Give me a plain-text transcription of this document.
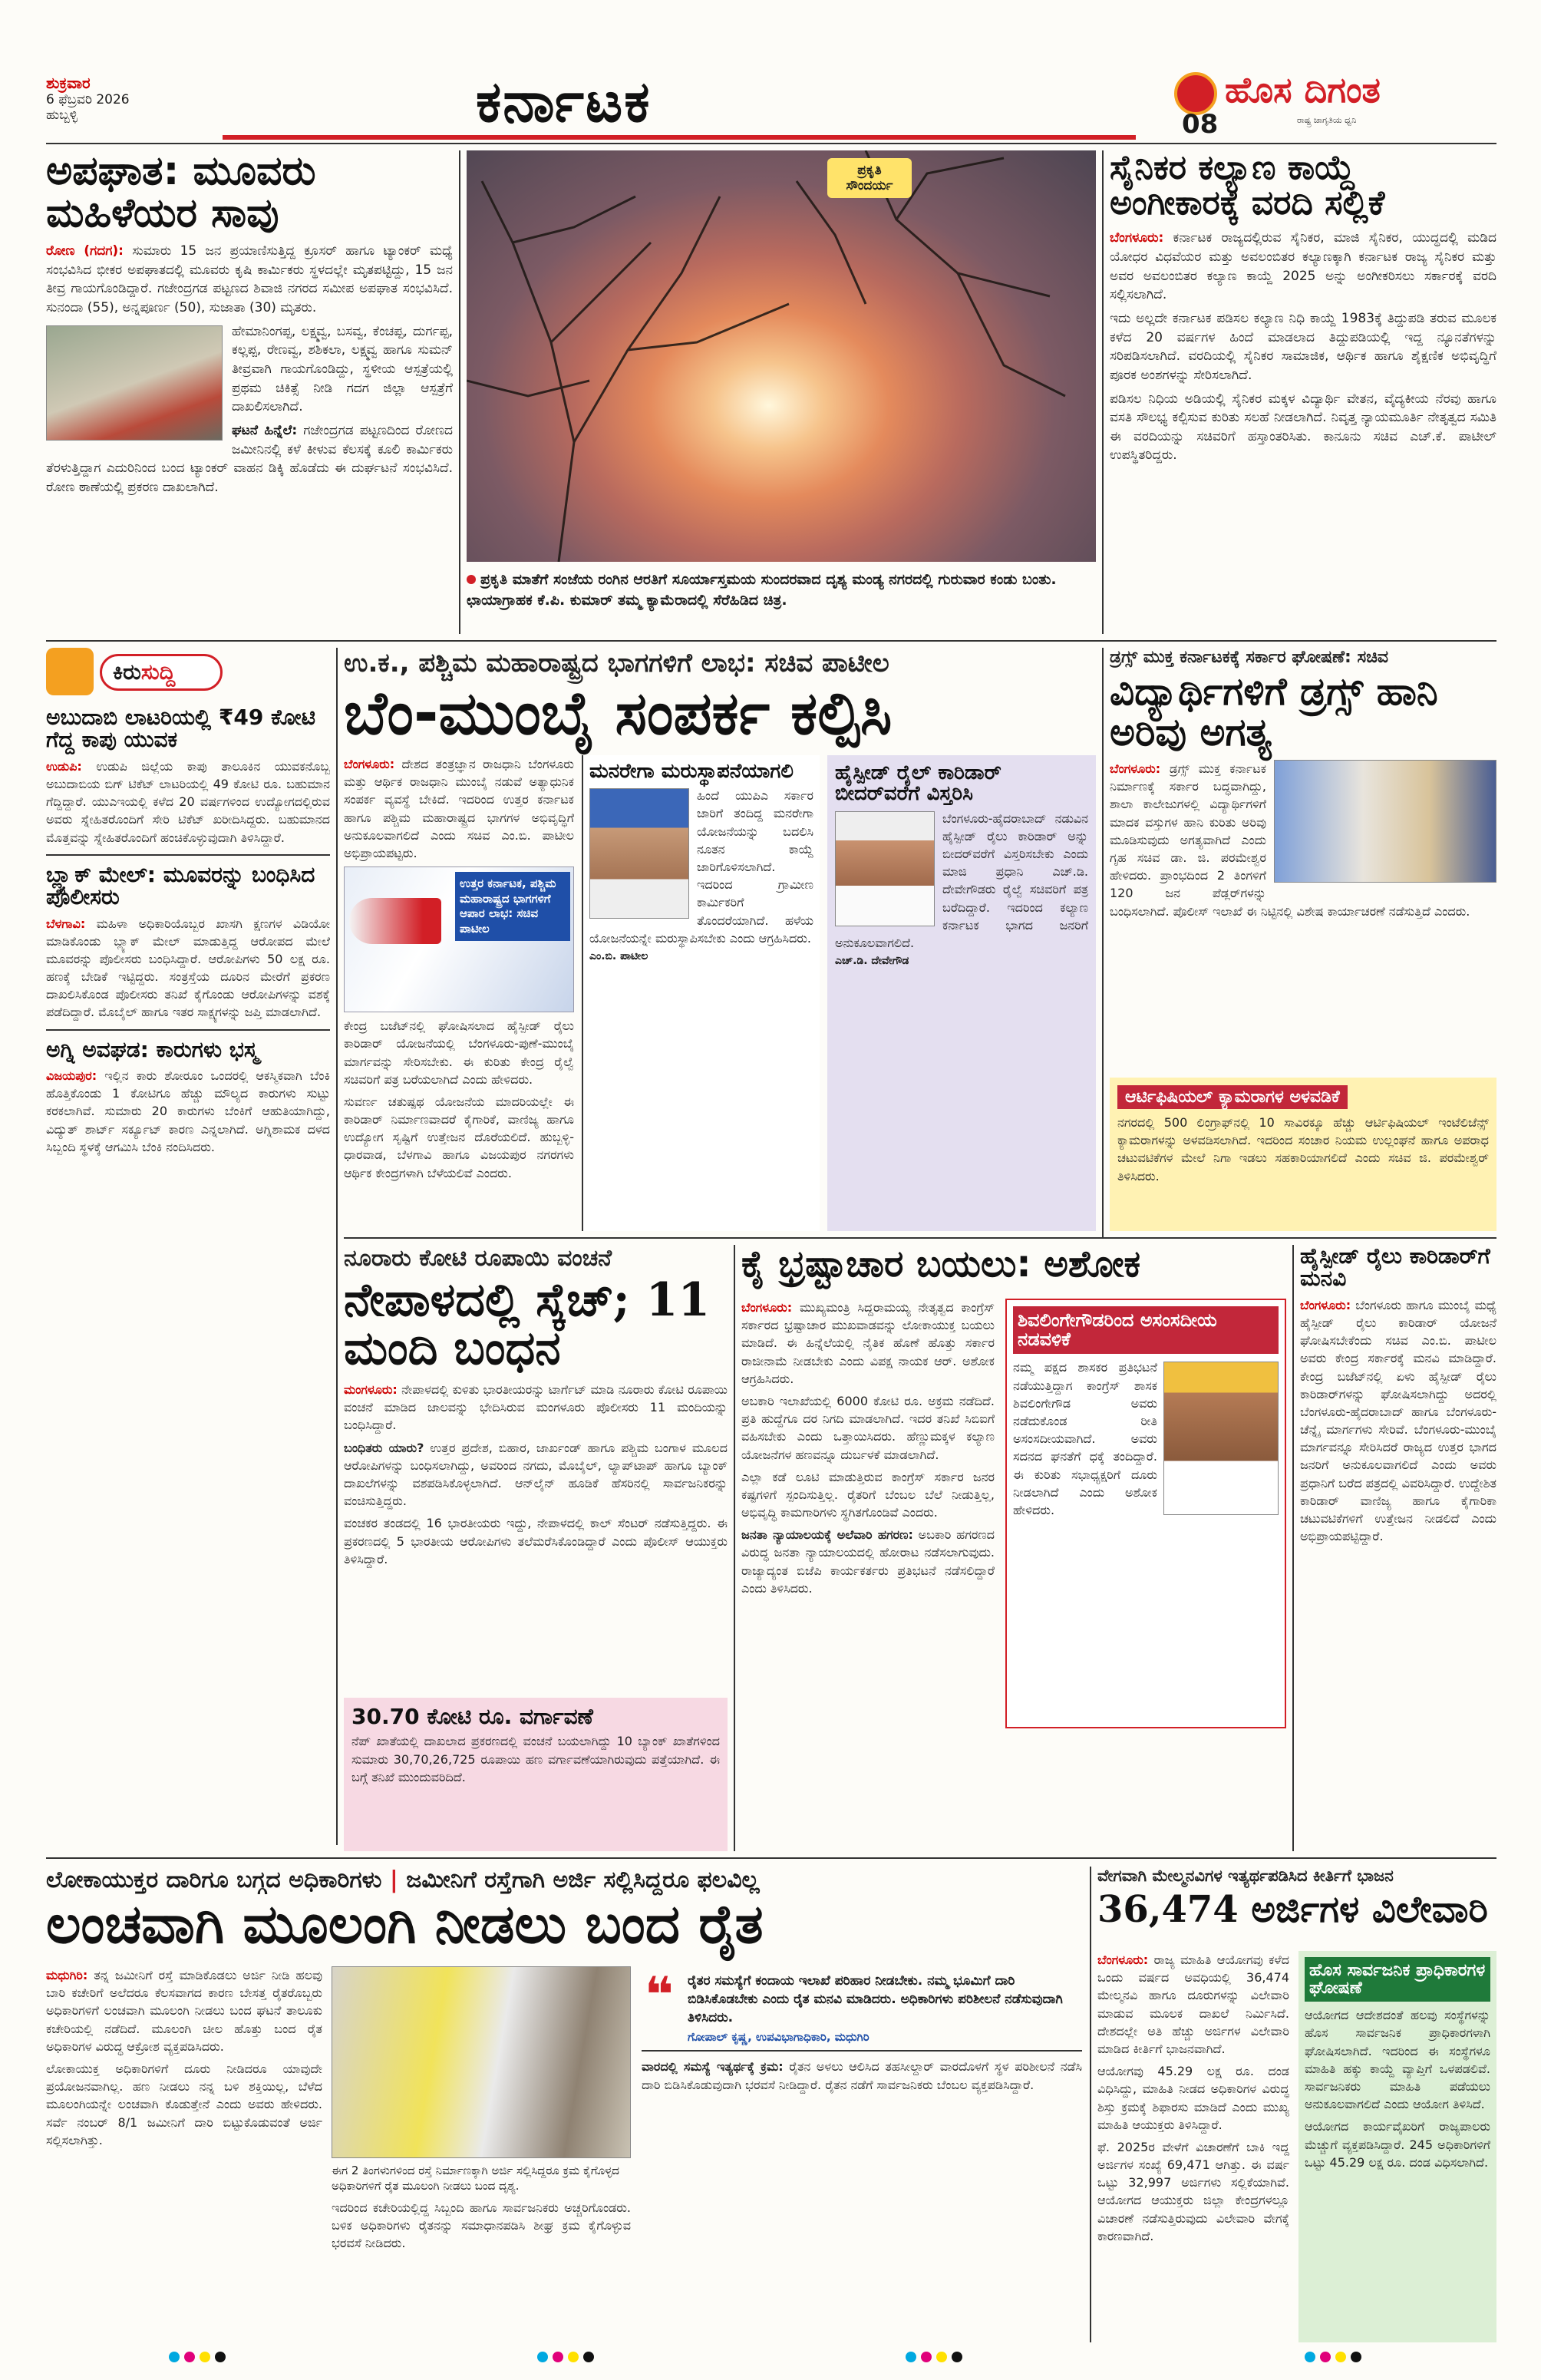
ಶುಕ್ರವಾರ
6 ಫೆಬ್ರವರಿ 2026
ಹುಬ್ಬಳ್ಳಿ	ಕರ್ನಾಟಕ	ಹೊಸ ದಿಗಂತ
ರಾಷ್ಟ್ರ ಜಾಗೃತಿಯ ಧ್ವನಿ
08
ಅಪಘಾತ: ಮೂವರು ಮಹಿಳೆಯರ ಸಾವು

ರೋಣ (ಗದಗ): ಸುಮಾರು 15 ಜನ ಪ್ರಯಾಣಿಸುತ್ತಿದ್ದ ಕ್ರೂಸರ್ ಹಾಗೂ ಟ್ಯಾಂಕರ್ ಮಧ್ಯೆ ಸಂಭವಿಸಿದ ಭೀಕರ ಅಪಘಾತದಲ್ಲಿ ಮೂವರು ಕೃಷಿ ಕಾರ್ಮಿಕರು ಸ್ಥಳದಲ್ಲೇ ಮೃತಪಟ್ಟಿದ್ದು, 15 ಜನ ತೀವ್ರ ಗಾಯಗೊಂಡಿದ್ದಾರೆ. ಗಜೇಂದ್ರಗಡ ಪಟ್ಟಣದ ಶಿವಾಜಿ ನಗರದ ಸಮೀಪ ಅಪಘಾತ ಸಂಭವಿಸಿದೆ. ಸುನಂದಾ (55), ಅನ್ನಪೂರ್ಣ (50), ಸುಜಾತಾ (30) ಮೃತರು.

ಹೇಮಾನಿಂಗಪ್ಪ, ಲಕ್ಷ್ಮವ್ವ, ಬಸವ್ವ, ಕೆಂಚಪ್ಪ, ದುರ್ಗಪ್ಪ, ಕಲ್ಲಪ್ಪ, ರೇಣವ್ವ, ಶಶಿಕಲಾ, ಲಕ್ಷ್ಮವ್ವ ಹಾಗೂ ಸುಮನ್ ತೀವ್ರವಾಗಿ ಗಾಯಗೊಂಡಿದ್ದು, ಸ್ಥಳೀಯ ಆಸ್ಪತ್ರೆಯಲ್ಲಿ ಪ್ರಥಮ ಚಿಕಿತ್ಸೆ ನೀಡಿ ಗದಗ ಜಿಲ್ಲಾ ಆಸ್ಪತ್ರೆಗೆ ದಾಖಲಿಸಲಾಗಿದೆ.

ಘಟನೆ ಹಿನ್ನೆಲೆ: ಗಜೇಂದ್ರಗಡ ಪಟ್ಟಣದಿಂದ ರೋಣದ ಜಮೀನಿನಲ್ಲಿ ಕಳೆ ಕೀಳುವ ಕೆಲಸಕ್ಕೆ ಕೂಲಿ ಕಾರ್ಮಿಕರು ತೆರಳುತ್ತಿದ್ದಾಗ ಎದುರಿನಿಂದ ಬಂದ ಟ್ಯಾಂಕರ್ ವಾಹನ ಡಿಕ್ಕಿ ಹೊಡೆದು ಈ ದುರ್ಘಟನೆ ಸಂಭವಿಸಿದೆ. ರೋಣ ಠಾಣೆಯಲ್ಲಿ ಪ್ರಕರಣ ದಾಖಲಾಗಿದೆ.

ಪ್ರಕೃತಿ ಸೌಂದರ್ಯ
ಪ್ರಕೃತಿ ಮಾತೆಗೆ ಸಂಜೆಯ ರಂಗಿನ ಆರತಿಗೆ ಸೂರ್ಯಾಸ್ತಮಯ ಸುಂದರವಾದ ದೃಶ್ಯ ಮಂಡ್ಯ ನಗರದಲ್ಲಿ ಗುರುವಾರ ಕಂಡು ಬಂತು. ಛಾಯಾಗ್ರಾಹಕ ಕೆ.ಪಿ. ಕುಮಾರ್ ತಮ್ಮ ಕ್ಯಾಮೆರಾದಲ್ಲಿ ಸೆರೆಹಿಡಿದ ಚಿತ್ರ.
ಸೈನಿಕರ ಕಲ್ಯಾಣ ಕಾಯ್ದೆ ಅಂಗೀಕಾರಕ್ಕೆ ವರದಿ ಸಲ್ಲಿಕೆ

ಬೆಂಗಳೂರು: ಕರ್ನಾಟಕ ರಾಜ್ಯದಲ್ಲಿರುವ ಸೈನಿಕರ, ಮಾಜಿ ಸೈನಿಕರ, ಯುದ್ಧದಲ್ಲಿ ಮಡಿದ ಯೋಧರ ವಿಧವೆಯರ ಮತ್ತು ಅವಲಂಬಿತರ ಕಲ್ಯಾಣಕ್ಕಾಗಿ ಕರ್ನಾಟಕ ರಾಜ್ಯ ಸೈನಿಕರ ಮತ್ತು ಅವರ ಅವಲಂಬಿತರ ಕಲ್ಯಾಣ ಕಾಯ್ದೆ 2025 ಅನ್ನು ಅಂಗೀಕರಿಸಲು ಸರ್ಕಾರಕ್ಕೆ ವರದಿ ಸಲ್ಲಿಸಲಾಗಿದೆ.

ಇದು ಅಲ್ಲದೇ ಕರ್ನಾಟಕ ಪಡಿಸಲ ಕಲ್ಯಾಣ ನಿಧಿ ಕಾಯ್ದೆ 1983ಕ್ಕೆ ತಿದ್ದುಪಡಿ ತರುವ ಮೂಲಕ ಕಳೆದ 20 ವರ್ಷಗಳ ಹಿಂದೆ ಮಾಡಲಾದ ತಿದ್ದುಪಡಿಯಲ್ಲಿ ಇದ್ದ ನ್ಯೂನತೆಗಳನ್ನು ಸರಿಪಡಿಸಲಾಗಿದೆ. ವರದಿಯಲ್ಲಿ ಸೈನಿಕರ ಸಾಮಾಜಿಕ, ಆರ್ಥಿಕ ಹಾಗೂ ಶೈಕ್ಷಣಿಕ ಅಭಿವೃದ್ಧಿಗೆ ಪೂರಕ ಅಂಶಗಳನ್ನು ಸೇರಿಸಲಾಗಿದೆ.

ಪಡಿಸಲ ನಿಧಿಯ ಅಡಿಯಲ್ಲಿ ಸೈನಿಕರ ಮಕ್ಕಳ ವಿದ್ಯಾರ್ಥಿ ವೇತನ, ವೈದ್ಯಕೀಯ ನೆರವು ಹಾಗೂ ವಸತಿ ಸೌಲಭ್ಯ ಕಲ್ಪಿಸುವ ಕುರಿತು ಸಲಹೆ ನೀಡಲಾಗಿದೆ. ನಿವೃತ್ತ ನ್ಯಾಯಮೂರ್ತಿ ನೇತೃತ್ವದ ಸಮಿತಿ ಈ ವರದಿಯನ್ನು ಸಚಿವರಿಗೆ ಹಸ್ತಾಂತರಿಸಿತು. ಕಾನೂನು ಸಚಿವ ಎಚ್.ಕೆ. ಪಾಟೀಲ್ ಉಪಸ್ಥಿತರಿದ್ದರು.

ಕಿರುಸುದ್ದಿ
ಅಬುದಾಬಿ ಲಾಟರಿಯಲ್ಲಿ ₹49 ಕೋಟಿ ಗೆದ್ದ ಕಾಪು ಯುವಕ

ಉಡುಪಿ: ಉಡುಪಿ ಜಿಲ್ಲೆಯ ಕಾಪು ತಾಲೂಕಿನ ಯುವಕನೊಬ್ಬ ಅಬುದಾಬಿಯ ಬಿಗ್ ಟಿಕೆಟ್ ಲಾಟರಿಯಲ್ಲಿ 49 ಕೋಟಿ ರೂ. ಬಹುಮಾನ ಗೆದ್ದಿದ್ದಾರೆ. ಯುಎಇಯಲ್ಲಿ ಕಳೆದ 20 ವರ್ಷಗಳಿಂದ ಉದ್ಯೋಗದಲ್ಲಿರುವ ಅವರು ಸ್ನೇಹಿತರೊಂದಿಗೆ ಸೇರಿ ಟಿಕೆಟ್ ಖರೀದಿಸಿದ್ದರು. ಬಹುಮಾನದ ಮೊತ್ತವನ್ನು ಸ್ನೇಹಿತರೊಂದಿಗೆ ಹಂಚಿಕೊಳ್ಳುವುದಾಗಿ ತಿಳಿಸಿದ್ದಾರೆ.

ಬ್ಲ್ಯಾಕ್ ಮೇಲ್: ಮೂವರನ್ನು ಬಂಧಿಸಿದ ಪೊಲೀಸರು

ಬೆಳಗಾವಿ: ಮಹಿಳಾ ಅಧಿಕಾರಿಯೊಬ್ಬರ ಖಾಸಗಿ ಕ್ಷಣಗಳ ವಿಡಿಯೋ ಮಾಡಿಕೊಂಡು ಬ್ಲ್ಯಾಕ್ ಮೇಲ್ ಮಾಡುತ್ತಿದ್ದ ಆರೋಪದ ಮೇಲೆ ಮೂವರನ್ನು ಪೊಲೀಸರು ಬಂಧಿಸಿದ್ದಾರೆ. ಆರೋಪಿಗಳು 50 ಲಕ್ಷ ರೂ. ಹಣಕ್ಕೆ ಬೇಡಿಕೆ ಇಟ್ಟಿದ್ದರು. ಸಂತ್ರಸ್ತೆಯ ದೂರಿನ ಮೇರೆಗೆ ಪ್ರಕರಣ ದಾಖಲಿಸಿಕೊಂಡ ಪೊಲೀಸರು ತನಿಖೆ ಕೈಗೊಂಡು ಆರೋಪಿಗಳನ್ನು ವಶಕ್ಕೆ ಪಡೆದಿದ್ದಾರೆ. ಮೊಬೈಲ್ ಹಾಗೂ ಇತರ ಸಾಕ್ಷ್ಯಗಳನ್ನು ಜಪ್ತಿ ಮಾಡಲಾಗಿದೆ.

ಅಗ್ನಿ ಅವಘಡ: ಕಾರುಗಳು ಭಸ್ಮ

ವಿಜಯಪುರ: ಇಲ್ಲಿನ ಕಾರು ಶೋರೂಂ ಒಂದರಲ್ಲಿ ಆಕಸ್ಮಿಕವಾಗಿ ಬೆಂಕಿ ಹೊತ್ತಿಕೊಂಡು 1 ಕೋಟಿಗೂ ಹೆಚ್ಚು ಮೌಲ್ಯದ ಕಾರುಗಳು ಸುಟ್ಟು ಕರಕಲಾಗಿವೆ. ಸುಮಾರು 20 ಕಾರುಗಳು ಬೆಂಕಿಗೆ ಆಹುತಿಯಾಗಿದ್ದು, ವಿದ್ಯುತ್ ಶಾರ್ಟ್ ಸರ್ಕ್ಯೂಟ್ ಕಾರಣ ಎನ್ನಲಾಗಿದೆ. ಅಗ್ನಿಶಾಮಕ ದಳದ ಸಿಬ್ಬಂದಿ ಸ್ಥಳಕ್ಕೆ ಆಗಮಿಸಿ ಬೆಂಕಿ ನಂದಿಸಿದರು.

ಉ.ಕ., ಪಶ್ಚಿಮ ಮಹಾರಾಷ್ಟ್ರದ ಭಾಗಗಳಿಗೆ ಲಾಭ: ಸಚಿವ ಪಾಟೀಲ
ಬೆಂ-ಮುಂಬೈ ಸಂಪರ್ಕ ಕಲ್ಪಿಸಿ

ಬೆಂಗಳೂರು: ದೇಶದ ತಂತ್ರಜ್ಞಾನ ರಾಜಧಾನಿ ಬೆಂಗಳೂರು ಮತ್ತು ಆರ್ಥಿಕ ರಾಜಧಾನಿ ಮುಂಬೈ ನಡುವೆ ಅತ್ಯಾಧುನಿಕ ಸಂಪರ್ಕ ವ್ಯವಸ್ಥೆ ಬೇಕಿದೆ. ಇದರಿಂದ ಉತ್ತರ ಕರ್ನಾಟಕ ಹಾಗೂ ಪಶ್ಚಿಮ ಮಹಾರಾಷ್ಟ್ರದ ಭಾಗಗಳ ಅಭಿವೃದ್ಧಿಗೆ ಅನುಕೂಲವಾಗಲಿದೆ ಎಂದು ಸಚಿವ ಎಂ.ಬಿ. ಪಾಟೀಲ ಅಭಿಪ್ರಾಯಪಟ್ಟರು.

ಉತ್ತರ ಕರ್ನಾಟಕ, ಪಶ್ಚಿಮ ಮಹಾರಾಷ್ಟ್ರದ ಭಾಗಗಳಿಗೆ ಆಪಾರ ಲಾಭ: ಸಚಿವ ಪಾಟೀಲ

ಕೇಂದ್ರ ಬಜೆಟ್‌ನಲ್ಲಿ ಘೋಷಿಸಲಾದ ಹೈಸ್ಪೀಡ್ ರೈಲು ಕಾರಿಡಾರ್ ಯೋಜನೆಯಲ್ಲಿ ಬೆಂಗಳೂರು-ಪುಣೆ-ಮುಂಬೈ ಮಾರ್ಗವನ್ನು ಸೇರಿಸಬೇಕು. ಈ ಕುರಿತು ಕೇಂದ್ರ ರೈಲ್ವೆ ಸಚಿವರಿಗೆ ಪತ್ರ ಬರೆಯಲಾಗಿದೆ ಎಂದು ಹೇಳಿದರು.

ಸುವರ್ಣ ಚತುಷ್ಪಥ ಯೋಜನೆಯ ಮಾದರಿಯಲ್ಲೇ ಈ ಕಾರಿಡಾರ್ ನಿರ್ಮಾಣವಾದರೆ ಕೈಗಾರಿಕೆ, ವಾಣಿಜ್ಯ ಹಾಗೂ ಉದ್ಯೋಗ ಸೃಷ್ಟಿಗೆ ಉತ್ತೇಜನ ದೊರೆಯಲಿದೆ. ಹುಬ್ಬಳ್ಳಿ-ಧಾರವಾಡ, ಬೆಳಗಾವಿ ಹಾಗೂ ವಿಜಯಪುರ ನಗರಗಳು ಆರ್ಥಿಕ ಕೇಂದ್ರಗಳಾಗಿ ಬೆಳೆಯಲಿವೆ ಎಂದರು.

ಮನರೇಗಾ ಮರುಸ್ಥಾಪನೆಯಾಗಲಿ
ಹಿಂದೆ ಯುಪಿಎ ಸರ್ಕಾರ ಜಾರಿಗೆ ತಂದಿದ್ದ ಮನರೇಗಾ ಯೋಜನೆಯನ್ನು ಬದಲಿಸಿ ನೂತನ ಕಾಯ್ದೆ ಜಾರಿಗೊಳಿಸಲಾಗಿದೆ. ಇದರಿಂದ ಗ್ರಾಮೀಣ ಕಾರ್ಮಿಕರಿಗೆ ತೊಂದರೆಯಾಗಿದೆ. ಹಳೆಯ ಯೋಜನೆಯನ್ನೇ ಮರುಸ್ಥಾಪಿಸಬೇಕು ಎಂದು ಆಗ್ರಹಿಸಿದರು.
ಎಂ.ಬಿ. ಪಾಟೀಲ
ಹೈಸ್ಪೀಡ್ ರೈಲ್ ಕಾರಿಡಾರ್ ಬೀದರ್‌ವರೆಗೆ ವಿಸ್ತರಿಸಿ
ಬೆಂಗಳೂರು-ಹೈದರಾಬಾದ್ ನಡುವಿನ ಹೈಸ್ಪೀಡ್ ರೈಲು ಕಾರಿಡಾರ್ ಅನ್ನು ಬೀದರ್‌ವರೆಗೆ ವಿಸ್ತರಿಸಬೇಕು ಎಂದು ಮಾಜಿ ಪ್ರಧಾನಿ ಎಚ್.ಡಿ. ದೇವೇಗೌಡರು ರೈಲ್ವೆ ಸಚಿವರಿಗೆ ಪತ್ರ ಬರೆದಿದ್ದಾರೆ. ಇದರಿಂದ ಕಲ್ಯಾಣ ಕರ್ನಾಟಕ ಭಾಗದ ಜನರಿಗೆ ಅನುಕೂಲವಾಗಲಿದೆ.
ಎಚ್.ಡಿ. ದೇವೇಗೌಡ
ಡ್ರಗ್ಸ್ ಮುಕ್ತ ಕರ್ನಾಟಕಕ್ಕೆ ಸರ್ಕಾರ ಘೋಷಣೆ: ಸಚಿವ
ವಿದ್ಯಾರ್ಥಿಗಳಿಗೆ ಡ್ರಗ್ಸ್ ಹಾನಿ ಅರಿವು ಅಗತ್ಯ

ಬೆಂಗಳೂರು: ಡ್ರಗ್ಸ್ ಮುಕ್ತ ಕರ್ನಾಟಕ ನಿರ್ಮಾಣಕ್ಕೆ ಸರ್ಕಾರ ಬದ್ಧವಾಗಿದ್ದು, ಶಾಲಾ ಕಾಲೇಜುಗಳಲ್ಲಿ ವಿದ್ಯಾರ್ಥಿಗಳಿಗೆ ಮಾದಕ ವಸ್ತುಗಳ ಹಾನಿ ಕುರಿತು ಅರಿವು ಮೂಡಿಸುವುದು ಅಗತ್ಯವಾಗಿದೆ ಎಂದು ಗೃಹ ಸಚಿವ ಡಾ. ಜಿ. ಪರಮೇಶ್ವರ ಹೇಳಿದರು. ಪ್ರಾಂಭದಿಂದ 2 ತಿಂಗಳಿಗೆ 120 ಜನ ಪೆಡ್ಲರ್‌ಗಳನ್ನು ಬಂಧಿಸಲಾಗಿದೆ. ಪೊಲೀಸ್ ಇಲಾಖೆ ಈ ನಿಟ್ಟಿನಲ್ಲಿ ವಿಶೇಷ ಕಾರ್ಯಾಚರಣೆ ನಡೆಸುತ್ತಿದೆ ಎಂದರು.

ಆರ್ಟಿಫಿಷಿಯಲ್ ಕ್ಯಾಮರಾಗಳ ಅಳವಡಿಕೆ
ನಗರದಲ್ಲಿ 500 ಲಿಂಗ್ರಾಫ್‌ನಲ್ಲಿ 10 ಸಾವಿರಕ್ಕೂ ಹೆಚ್ಚು ಆರ್ಟಿಫಿಷಿಯಲ್ ಇಂಟೆಲಿಜೆನ್ಸ್ ಕ್ಯಾಮರಾಗಳನ್ನು ಅಳವಡಿಸಲಾಗಿದೆ. ಇದರಿಂದ ಸಂಚಾರ ನಿಯಮ ಉಲ್ಲಂಘನೆ ಹಾಗೂ ಅಪರಾಧ ಚಟುವಟಿಕೆಗಳ ಮೇಲೆ ನಿಗಾ ಇಡಲು ಸಹಕಾರಿಯಾಗಲಿದೆ ಎಂದು ಸಚಿವ ಜಿ. ಪರಮೇಶ್ವರ್ ತಿಳಿಸಿದರು.
ನೂರಾರು ಕೋಟಿ ರೂಪಾಯಿ ವಂಚನೆ
ನೇಪಾಳದಲ್ಲಿ ಸ್ಕೆಚ್; 11 ಮಂದಿ ಬಂಧನ

ಮಂಗಳೂರು: ನೇಪಾಳದಲ್ಲಿ ಕುಳಿತು ಭಾರತೀಯರನ್ನು ಟಾರ್ಗೆಟ್ ಮಾಡಿ ನೂರಾರು ಕೋಟಿ ರೂಪಾಯಿ ವಂಚನೆ ಮಾಡಿದ ಜಾಲವನ್ನು ಭೇದಿಸಿರುವ ಮಂಗಳೂರು ಪೊಲೀಸರು 11 ಮಂದಿಯನ್ನು ಬಂಧಿಸಿದ್ದಾರೆ.

ಬಂಧಿತರು ಯಾರು? ಉತ್ತರ ಪ್ರದೇಶ, ಬಿಹಾರ, ಜಾರ್ಖಂಡ್ ಹಾಗೂ ಪಶ್ಚಿಮ ಬಂಗಾಳ ಮೂಲದ ಆರೋಪಿಗಳನ್ನು ಬಂಧಿಸಲಾಗಿದ್ದು, ಅವರಿಂದ ನಗದು, ಮೊಬೈಲ್, ಲ್ಯಾಪ್‌ಟಾಪ್ ಹಾಗೂ ಬ್ಯಾಂಕ್ ದಾಖಲೆಗಳನ್ನು ವಶಪಡಿಸಿಕೊಳ್ಳಲಾಗಿದೆ. ಆನ್‌ಲೈನ್ ಹೂಡಿಕೆ ಹೆಸರಿನಲ್ಲಿ ಸಾರ್ವಜನಿಕರನ್ನು ವಂಚಿಸುತ್ತಿದ್ದರು.

ವಂಚಕರ ತಂಡದಲ್ಲಿ 16 ಭಾರತೀಯರು ಇದ್ದು, ನೇಪಾಳದಲ್ಲಿ ಕಾಲ್ ಸೆಂಟರ್ ನಡೆಸುತ್ತಿದ್ದರು. ಈ ಪ್ರಕರಣದಲ್ಲಿ 5 ಭಾರತೀಯ ಆರೋಪಿಗಳು ತಲೆಮರೆಸಿಕೊಂಡಿದ್ದಾರೆ ಎಂದು ಪೊಲೀಸ್ ಆಯುಕ್ತರು ತಿಳಿಸಿದ್ದಾರೆ.

30.70 ಕೋಟಿ ರೂ. ವರ್ಗಾವಣೆ
ನೆಪ್ ಖಾತೆಯಲ್ಲಿ ದಾಖಲಾದ ಪ್ರಕರಣದಲ್ಲಿ ವಂಚನೆ ಬಯಲಾಗಿದ್ದು 10 ಬ್ಯಾಂಕ್ ಖಾತೆಗಳಿಂದ ಸುಮಾರು 30,70,26,725 ರೂಪಾಯಿ ಹಣ ವರ್ಗಾವಣೆಯಾಗಿರುವುದು ಪತ್ತೆಯಾಗಿದೆ. ಈ ಬಗ್ಗೆ ತನಿಖೆ ಮುಂದುವರಿದಿದೆ.
ಕೈ ಭ್ರಷ್ಟಾಚಾರ ಬಯಲು: ಅಶೋಕ

ಬೆಂಗಳೂರು: ಮುಖ್ಯಮಂತ್ರಿ ಸಿದ್ದರಾಮಯ್ಯ ನೇತೃತ್ವದ ಕಾಂಗ್ರೆಸ್ ಸರ್ಕಾರದ ಭ್ರಷ್ಟಾಚಾರ ಮುಖವಾಡವನ್ನು ಲೋಕಾಯುಕ್ತ ಬಯಲು ಮಾಡಿದೆ. ಈ ಹಿನ್ನೆಲೆಯಲ್ಲಿ ನೈತಿಕ ಹೊಣೆ ಹೊತ್ತು ಸರ್ಕಾರ ರಾಜೀನಾಮೆ ನೀಡಬೇಕು ಎಂದು ವಿಪಕ್ಷ ನಾಯಕ ಆರ್. ಅಶೋಕ ಆಗ್ರಹಿಸಿದರು.

ಅಬಕಾರಿ ಇಲಾಖೆಯಲ್ಲಿ 6000 ಕೋಟಿ ರೂ. ಅಕ್ರಮ ನಡೆದಿದೆ. ಪ್ರತಿ ಹುದ್ದೆಗೂ ದರ ನಿಗದಿ ಮಾಡಲಾಗಿದೆ. ಇದರ ತನಿಖೆ ಸಿಬಿಐಗೆ ವಹಿಸಬೇಕು ಎಂದು ಒತ್ತಾಯಿಸಿದರು. ಹೆಣ್ಣುಮಕ್ಕಳ ಕಲ್ಯಾಣ ಯೋಜನೆಗಳ ಹಣವನ್ನೂ ದುರ್ಬಳಕೆ ಮಾಡಲಾಗಿದೆ.

ಎಲ್ಲಾ ಕಡೆ ಲೂಟಿ ಮಾಡುತ್ತಿರುವ ಕಾಂಗ್ರೆಸ್ ಸರ್ಕಾರ ಜನರ ಕಷ್ಟಗಳಿಗೆ ಸ್ಪಂದಿಸುತ್ತಿಲ್ಲ. ರೈತರಿಗೆ ಬೆಂಬಲ ಬೆಲೆ ನೀಡುತ್ತಿಲ್ಲ, ಅಭಿವೃದ್ಧಿ ಕಾಮಗಾರಿಗಳು ಸ್ಥಗಿತಗೊಂಡಿವೆ ಎಂದರು.

ಜನತಾ ನ್ಯಾಯಾಲಯಕ್ಕೆ ಅಲೆವಾರಿ ಹಗರಣ: ಅಬಕಾರಿ ಹಗರಣದ ವಿರುದ್ಧ ಜನತಾ ನ್ಯಾಯಾಲಯದಲ್ಲಿ ಹೋರಾಟ ನಡೆಸಲಾಗುವುದು. ರಾಜ್ಯಾದ್ಯಂತ ಬಿಜೆಪಿ ಕಾರ್ಯಕರ್ತರು ಪ್ರತಿಭಟನೆ ನಡೆಸಲಿದ್ದಾರೆ ಎಂದು ತಿಳಿಸಿದರು.

ಶಿವಲಿಂಗೇಗೌಡರಿಂದ ಅಸಂಸದೀಯ ನಡವಳಿಕೆ
ನಮ್ಮ ಪಕ್ಷದ ಶಾಸಕರ ಪ್ರತಿಭಟನೆ ನಡೆಯುತ್ತಿದ್ದಾಗ ಕಾಂಗ್ರೆಸ್ ಶಾಸಕ ಶಿವಲಿಂಗೇಗೌಡ ಅವರು ನಡೆದುಕೊಂಡ ರೀತಿ ಅಸಂಸದೀಯವಾಗಿದೆ. ಅವರು ಸದನದ ಘನತೆಗೆ ಧಕ್ಕೆ ತಂದಿದ್ದಾರೆ. ಈ ಕುರಿತು ಸಭಾಧ್ಯಕ್ಷರಿಗೆ ದೂರು ನೀಡಲಾಗಿದೆ ಎಂದು ಅಶೋಕ ಹೇಳಿದರು.
ಹೈಸ್ಪೀಡ್ ರೈಲು ಕಾರಿಡಾರ್‌ಗೆ ಮನವಿ

ಬೆಂಗಳೂರು: ಬೆಂಗಳೂರು ಹಾಗೂ ಮುಂಬೈ ಮಧ್ಯೆ ಹೈಸ್ಪೀಡ್ ರೈಲು ಕಾರಿಡಾರ್ ಯೋಜನೆ ಘೋಷಿಸಬೇಕೆಂದು ಸಚಿವ ಎಂ.ಬಿ. ಪಾಟೀಲ ಅವರು ಕೇಂದ್ರ ಸರ್ಕಾರಕ್ಕೆ ಮನವಿ ಮಾಡಿದ್ದಾರೆ. ಕೇಂದ್ರ ಬಜೆಟ್‌ನಲ್ಲಿ ಏಳು ಹೈಸ್ಪೀಡ್ ರೈಲು ಕಾರಿಡಾರ್‌ಗಳನ್ನು ಘೋಷಿಸಲಾಗಿದ್ದು ಅದರಲ್ಲಿ ಬೆಂಗಳೂರು-ಹೈದರಾಬಾದ್ ಹಾಗೂ ಬೆಂಗಳೂರು-ಚೆನ್ನೈ ಮಾರ್ಗಗಳು ಸೇರಿವೆ. ಬೆಂಗಳೂರು-ಮುಂಬೈ ಮಾರ್ಗವನ್ನೂ ಸೇರಿಸಿದರೆ ರಾಜ್ಯದ ಉತ್ತರ ಭಾಗದ ಜನರಿಗೆ ಅನುಕೂಲವಾಗಲಿದೆ ಎಂದು ಅವರು ಪ್ರಧಾನಿಗೆ ಬರೆದ ಪತ್ರದಲ್ಲಿ ವಿವರಿಸಿದ್ದಾರೆ. ಉದ್ದೇಶಿತ ಕಾರಿಡಾರ್ ವಾಣಿಜ್ಯ ಹಾಗೂ ಕೈಗಾರಿಕಾ ಚಟುವಟಿಕೆಗಳಿಗೆ ಉತ್ತೇಜನ ನೀಡಲಿದೆ ಎಂದು ಅಭಿಪ್ರಾಯಪಟ್ಟಿದ್ದಾರೆ.

ಲೋಕಾಯುಕ್ತರ ದಾರಿಗೂ ಬಗ್ಗದ ಅಧಿಕಾರಿಗಳು | ಜಮೀನಿಗೆ ರಸ್ತೆಗಾಗಿ ಅರ್ಜಿ ಸಲ್ಲಿಸಿದ್ದರೂ ಫಲವಿಲ್ಲ
ಲಂಚವಾಗಿ ಮೂಲಂಗಿ ನೀಡಲು ಬಂದ ರೈತ

ಮಧುಗಿರಿ: ತನ್ನ ಜಮೀನಿಗೆ ರಸ್ತೆ ಮಾಡಿಕೊಡಲು ಅರ್ಜಿ ನೀಡಿ ಹಲವು ಬಾರಿ ಕಚೇರಿಗೆ ಅಲೆದರೂ ಕೆಲಸವಾಗದ ಕಾರಣ ಬೇಸತ್ತ ರೈತರೊಬ್ಬರು ಅಧಿಕಾರಿಗಳಿಗೆ ಲಂಚವಾಗಿ ಮೂಲಂಗಿ ನೀಡಲು ಬಂದ ಘಟನೆ ತಾಲೂಕು ಕಚೇರಿಯಲ್ಲಿ ನಡೆದಿದೆ. ಮೂಲಂಗಿ ಚೀಲ ಹೊತ್ತು ಬಂದ ರೈತ ಅಧಿಕಾರಿಗಳ ವಿರುದ್ಧ ಆಕ್ರೋಶ ವ್ಯಕ್ತಪಡಿಸಿದರು.

ಲೋಕಾಯುಕ್ತ ಅಧಿಕಾರಿಗಳಿಗೆ ದೂರು ನೀಡಿದರೂ ಯಾವುದೇ ಪ್ರಯೋಜನವಾಗಿಲ್ಲ. ಹಣ ನೀಡಲು ನನ್ನ ಬಳಿ ಶಕ್ತಿಯಿಲ್ಲ, ಬೆಳೆದ ಮೂಲಂಗಿಯನ್ನೇ ಲಂಚವಾಗಿ ಕೊಡುತ್ತೇನೆ ಎಂದು ಅವರು ಹೇಳಿದರು. ಸರ್ವೆ ನಂಬರ್ 8/1 ಜಮೀನಿಗೆ ದಾರಿ ಬಿಟ್ಟುಕೊಡುವಂತೆ ಅರ್ಜಿ ಸಲ್ಲಿಸಲಾಗಿತ್ತು.

ಈಗ 2 ತಿಂಗಳುಗಳಿಂದ ರಸ್ತೆ ನಿರ್ಮಾಣಕ್ಕಾಗಿ ಅರ್ಜಿ ಸಲ್ಲಿಸಿದ್ದರೂ ಕ್ರಮ ಕೈಗೊಳ್ಳದ ಅಧಿಕಾರಿಗಳಿಗೆ ರೈತ ಮೂಲಂಗಿ ನೀಡಲು ಬಂದ ದೃಶ್ಯ.
ಇದರಿಂದ ಕಚೇರಿಯಲ್ಲಿದ್ದ ಸಿಬ್ಬಂದಿ ಹಾಗೂ ಸಾರ್ವಜನಿಕರು ಅಚ್ಚರಿಗೊಂಡರು. ಬಳಿಕ ಅಧಿಕಾರಿಗಳು ರೈತನನ್ನು ಸಮಾಧಾನಪಡಿಸಿ ಶೀಘ್ರ ಕ್ರಮ ಕೈಗೊಳ್ಳುವ ಭರವಸೆ ನೀಡಿದರು.
❝ ರೈತರ ಸಮಸ್ಯೆಗೆ ಕಂದಾಯ ಇಲಾಖೆ ಪರಿಹಾರ ನೀಡಬೇಕು. ನಮ್ಮ ಭೂಮಿಗೆ ದಾರಿ ಬಿಡಿಸಿಕೊಡಬೇಕು ಎಂದು ರೈತ ಮನವಿ ಮಾಡಿದರು. ಅಧಿಕಾರಿಗಳು ಪರಿಶೀಲನೆ ನಡೆಸುವುದಾಗಿ ತಿಳಿಸಿದರು.
ಗೋಪಾಲ್ ಕೃಷ್ಣ, ಉಪವಿಭಾಗಾಧಿಕಾರಿ, ಮಧುಗಿರಿ

ವಾರದಲ್ಲಿ ಸಮಸ್ಯೆ ಇತ್ಯರ್ಥಕ್ಕೆ ಕ್ರಮ: ರೈತನ ಅಳಲು ಆಲಿಸಿದ ತಹಸೀಲ್ದಾರ್ ವಾರದೊಳಗೆ ಸ್ಥಳ ಪರಿಶೀಲನೆ ನಡೆಸಿ ದಾರಿ ಬಿಡಿಸಿಕೊಡುವುದಾಗಿ ಭರವಸೆ ನೀಡಿದ್ದಾರೆ. ರೈತನ ನಡೆಗೆ ಸಾರ್ವಜನಿಕರು ಬೆಂಬಲ ವ್ಯಕ್ತಪಡಿಸಿದ್ದಾರೆ.

ವೇಗವಾಗಿ ಮೇಲ್ಮನವಿಗಳ ಇತ್ಯರ್ಥಪಡಿಸಿದ ಕೀರ್ತಿಗೆ ಭಾಜನ
36,474 ಅರ್ಜಿಗಳ ವಿಲೇವಾರಿ

ಬೆಂಗಳೂರು: ರಾಜ್ಯ ಮಾಹಿತಿ ಆಯೋಗವು ಕಳೆದ ಒಂದು ವರ್ಷದ ಅವಧಿಯಲ್ಲಿ 36,474 ಮೇಲ್ಮನವಿ ಹಾಗೂ ದೂರುಗಳನ್ನು ವಿಲೇವಾರಿ ಮಾಡುವ ಮೂಲಕ ದಾಖಲೆ ನಿರ್ಮಿಸಿದೆ. ದೇಶದಲ್ಲೇ ಅತಿ ಹೆಚ್ಚು ಅರ್ಜಿಗಳ ವಿಲೇವಾರಿ ಮಾಡಿದ ಕೀರ್ತಿಗೆ ಭಾಜನವಾಗಿದೆ.

ಆಯೋಗವು 45.29 ಲಕ್ಷ ರೂ. ದಂಡ ವಿಧಿಸಿದ್ದು, ಮಾಹಿತಿ ನೀಡದ ಅಧಿಕಾರಿಗಳ ವಿರುದ್ಧ ಶಿಸ್ತು ಕ್ರಮಕ್ಕೆ ಶಿಫಾರಸು ಮಾಡಿದೆ ಎಂದು ಮುಖ್ಯ ಮಾಹಿತಿ ಆಯುಕ್ತರು ತಿಳಿಸಿದ್ದಾರೆ.

ಫೆ. 2025ರ ವೇಳೆಗೆ ವಿಚಾರಣೆಗೆ ಬಾಕಿ ಇದ್ದ ಅರ್ಜಿಗಳ ಸಂಖ್ಯೆ 69,471 ಆಗಿತ್ತು. ಈ ವರ್ಷ ಒಟ್ಟು 32,997 ಅರ್ಜಿಗಳು ಸಲ್ಲಿಕೆಯಾಗಿವೆ. ಆಯೋಗದ ಆಯುಕ್ತರು ಜಿಲ್ಲಾ ಕೇಂದ್ರಗಳಲ್ಲೂ ವಿಚಾರಣೆ ನಡೆಸುತ್ತಿರುವುದು ವಿಲೇವಾರಿ ವೇಗಕ್ಕೆ ಕಾರಣವಾಗಿದೆ.

ಹೊಸ ಸಾರ್ವಜನಿಕ ಪ್ರಾಧಿಕಾರಗಳ ಘೋಷಣೆ
ಆಯೋಗದ ಆದೇಶದಂತೆ ಹಲವು ಸಂಸ್ಥೆಗಳನ್ನು ಹೊಸ ಸಾರ್ವಜನಿಕ ಪ್ರಾಧಿಕಾರಗಳಾಗಿ ಘೋಷಿಸಲಾಗಿದೆ. ಇದರಿಂದ ಈ ಸಂಸ್ಥೆಗಳೂ ಮಾಹಿತಿ ಹಕ್ಕು ಕಾಯ್ದೆ ವ್ಯಾಪ್ತಿಗೆ ಒಳಪಡಲಿವೆ. ಸಾರ್ವಜನಿಕರು ಮಾಹಿತಿ ಪಡೆಯಲು ಅನುಕೂಲವಾಗಲಿದೆ ಎಂದು ಆಯೋಗ ತಿಳಿಸಿದೆ.
ಆಯೋಗದ ಕಾರ್ಯವೈಖರಿಗೆ ರಾಜ್ಯಪಾಲರು ಮೆಚ್ಚುಗೆ ವ್ಯಕ್ತಪಡಿಸಿದ್ದಾರೆ. 245 ಅಧಿಕಾರಿಗಳಿಗೆ ಒಟ್ಟು 45.29 ಲಕ್ಷ ರೂ. ದಂಡ ವಿಧಿಸಲಾಗಿದೆ.
